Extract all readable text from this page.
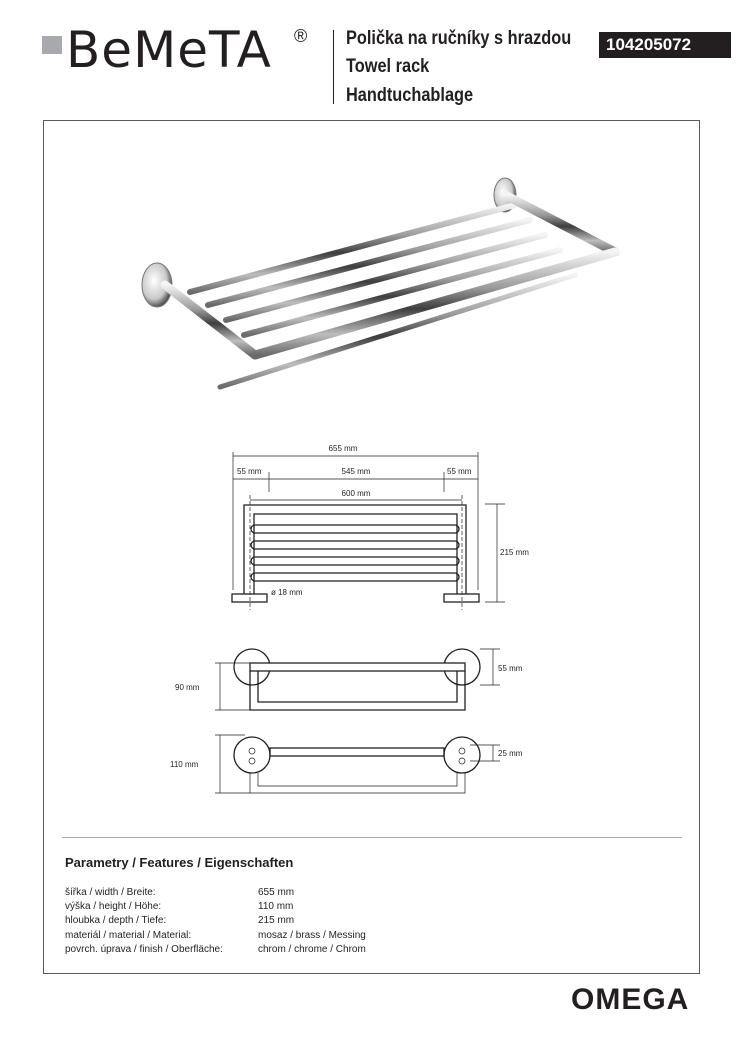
BeMeTA ® Polička na ručníky s hrazdou
Towel rack
Handtuchablage
104205072
655 mm
55 mm	545 mm	55 mm
600 mm
215 mm
ø 18 mm
90 mm
55 mm
110 mm
25 mm
Parametry / Features / Eigenschaften
šířka / width / Breite:	655 mm
výška / height / Höhe:	110 mm
hloubka / depth / Tiefe:	215 mm
materiál / material / Material:	mosaz / brass / Messing
povrch. úprava / finish / Oberfläche:	chrom / chrome / Chrom
OMEGA
